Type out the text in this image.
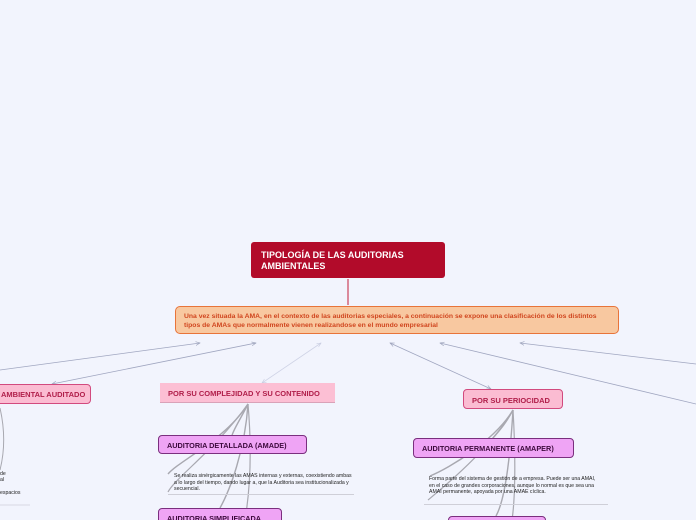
TIPOLOGÍA DE LAS AUDITORIAS AMBIENTALES
Una vez situada la AMA, en el contexto de las auditorias especiales, a continuación se expone una clasificación de los distintos tipos de AMAs que normalmente vienen realizandose en el mundo empresarial
AMBIENTAL AUDITADO
de
al
espacios
POR SU COMPLEJIDAD Y SU CONTENIDO
AUDITORIA DETALLADA (AMADE)
Se realiza sinérgicamente las AMAS internas y externas, coexistiendo ambas a lo largo del tiempo, dando lugar a, que la Auditoria sea institucionalizada y secuencial.
AUDITORIA SIMPLIFICADA
POR SU PERIOCIDAD
AUDITORIA PERMANENTE (AMAPER)
Forma parte del sistema de gestión de a empresa. Puede ser una AMAI, en el caso de grandes corporaciones, aunque lo normal es que sea una AMAI permanente, apoyada por una AMAE cíclica.
